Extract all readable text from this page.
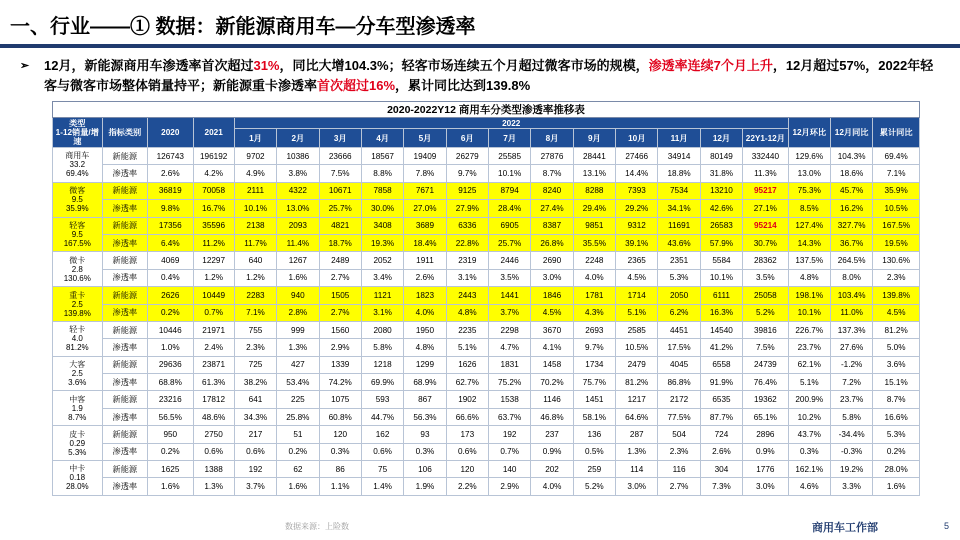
一、行业——① 数据：新能源商用车—分车型渗透率
➢ 12月，新能源商用车渗透率首次超过31%，同比大增104.3%；轻客市场连续五个月超过微客市场的规模，渗透率连续7个月上升，12月超过57%，2022年轻客与微客市场整体销量持平；新能源重卡渗透率首次超过16%，累计同比达到139.8%
2020-2022Y12 商用车分类型渗透率推移表																			
类型
1-12销量/增速	指标类别	2020	2021	2022													12月环比	12月同比	累计同比
				1月	2月	3月	4月	5月	6月	7月	8月	9月	10月	11月	12月	22Y1-12月			
商用车
33.2
69.4%	新能源	126743	196192	9702	10386	23666	18567	19409	26279	25585	27876	28441	27466	34914	80149	332440	129.6%	104.3%	69.4%
	渗透率	2.6%	4.2%	4.9%	3.8%	7.5%	8.8%	7.8%	9.7%	10.1%	8.7%	13.1%	14.4%	18.8%	31.8%	11.3%	13.0%	18.6%	7.1%
微客
9.5
35.9%	新能源	36819	70058	2111	4322	10671	7858	7671	9125	8794	8240	8288	7393	7534	13210	95217	75.3%	45.7%	35.9%
	渗透率	9.8%	16.7%	10.1%	13.0%	25.7%	30.0%	27.0%	27.9%	28.4%	27.4%	29.4%	29.2%	34.1%	42.6%	27.1%	8.5%	16.2%	10.5%
轻客
9.5
167.5%	新能源	17356	35596	2138	2093	4821	3408	3689	6336	6905	8387	9851	9312	11691	26583	95214	127.4%	327.7%	167.5%
	渗透率	6.4%	11.2%	11.7%	11.4%	18.7%	19.3%	18.4%	22.8%	25.7%	26.8%	35.5%	39.1%	43.6%	57.9%	30.7%	14.3%	36.7%	19.5%
微卡
2.8
130.6%	新能源	4069	12297	640	1267	2489	2052	1911	2319	2446	2690	2248	2365	2351	5584	28362	137.5%	264.5%	130.6%
	渗透率	0.4%	1.2%	1.2%	1.6%	2.7%	3.4%	2.6%	3.1%	3.5%	3.0%	4.0%	4.5%	5.3%	10.1%	3.5%	4.8%	8.0%	2.3%
重卡
2.5
139.8%	新能源	2626	10449	2283	940	1505	1121	1823	2443	1441	1846	1781	1714	2050	6111	25058	198.1%	103.4%	139.8%
	渗透率	0.2%	0.7%	7.1%	2.8%	2.7%	3.1%	4.0%	4.8%	3.7%	4.5%	4.3%	5.1%	6.2%	16.3%	5.2%	10.1%	11.0%	4.5%
轻卡
4.0
81.2%	新能源	10446	21971	755	999	1560	2080	1950	2235	2298	3670	2693	2585	4451	14540	39816	226.7%	137.3%	81.2%
	渗透率	1.0%	2.4%	2.3%	1.3%	2.9%	5.8%	4.8%	5.1%	4.7%	4.1%	9.7%	10.5%	17.5%	41.2%	7.5%	23.7%	27.6%	5.0%
大客
2.5
3.6%	新能源	29636	23871	725	427	1339	1218	1299	1626	1831	1458	1734	2479	4045	6558	24739	62.1%	-1.2%	3.6%
	渗透率	68.8%	61.3%	38.2%	53.4%	74.2%	69.9%	68.9%	62.7%	75.2%	70.2%	75.7%	81.2%	86.8%	91.9%	76.4%	5.1%	7.2%	15.1%
中客
1.9
8.7%	新能源	23216	17812	641	225	1075	593	867	1902	1538	1146	1451	1217	2172	6535	19362	200.9%	23.7%	8.7%
	渗透率	56.5%	48.6%	34.3%	25.8%	60.8%	44.7%	56.3%	66.6%	63.7%	46.8%	58.1%	64.6%	77.5%	87.7%	65.1%	10.2%	5.8%	16.6%
皮卡
0.29
5.3%	新能源	950	2750	217	51	120	162	93	173	192	237	136	287	504	724	2896	43.7%	-34.4%	5.3%
	渗透率	0.2%	0.6%	0.6%	0.2%	0.3%	0.6%	0.3%	0.6%	0.7%	0.9%	0.5%	1.3%	2.3%	2.6%	0.9%	0.3%	-0.3%	0.2%
中卡
0.18
28.0%	新能源	1625	1388	192	62	86	75	106	120	140	202	259	114	116	304	1776	162.1%	19.2%	28.0%
	渗透率	1.6%	1.3%	3.7%	1.6%	1.1%	1.4%	1.9%	2.2%	2.9%	4.0%	5.2%	3.0%	2.7%	7.3%	3.0%	4.6%	3.3%	1.6%
数据来源：上险数	商用车工作部	5
